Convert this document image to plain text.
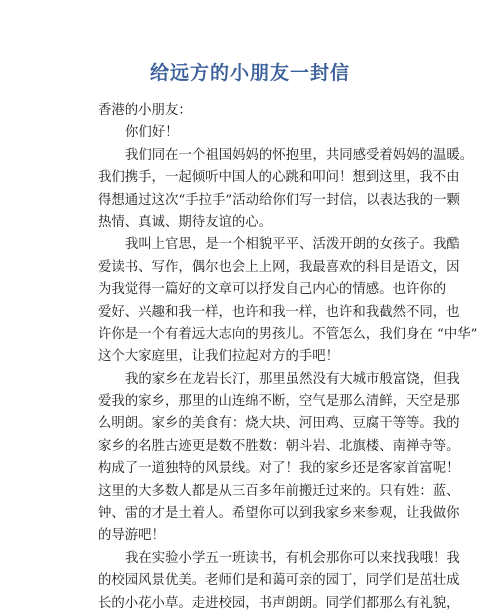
给远方的小朋友一封信
香港的小朋友：
你们好！
我们同在一个祖国妈妈的怀抱里，共同感受着妈妈的温暖。
我们携手，一起倾听中国人的心跳和叩问！想到这里，我不由
得想通过这次“手拉手”活动给你们写一封信，以表达我的一颗
热情、真诚、期待友谊的心。
我叫上官思，是一个相貌平平、活泼开朗的女孩子。我酷
爱读书、写作，偶尔也会上上网，我最喜欢的科目是语文，因
为我觉得一篇好的文章可以抒发自己内心的情感。也许你的
爱好、兴趣和我一样，也许和我一样，也许和我截然不同，也
许你是一个有着远大志向的男孩儿。不管怎么，我们身在 “中华”
这个大家庭里，让我们拉起对方的手吧！
我的家乡在龙岩长汀，那里虽然没有大城市般富饶，但我
爱我的家乡，那里的山连绵不断，空气是那么清鲜，天空是那
么明朗。家乡的美食有：烧大块、河田鸡、豆腐干等等。我的
家乡的名胜古迹更是数不胜数：朝斗岩、北旗楼、南禅寺等。
构成了一道独特的风景线。对了！我的家乡还是客家首富呢！
这里的大多数人都是从三百多年前搬迁过来的。只有姓：蓝、
钟、雷的才是土着人。希望你可以到我家乡来参观，让我做你
的导游吧！
我在实验小学五一班读书，有机会那你可以来找我哦！我
的校园风景优美。老师们是和蔼可亲的园丁，同学们是茁壮成
长的小花小草。走进校园，书声朗朗。同学们都那么有礼貌，
